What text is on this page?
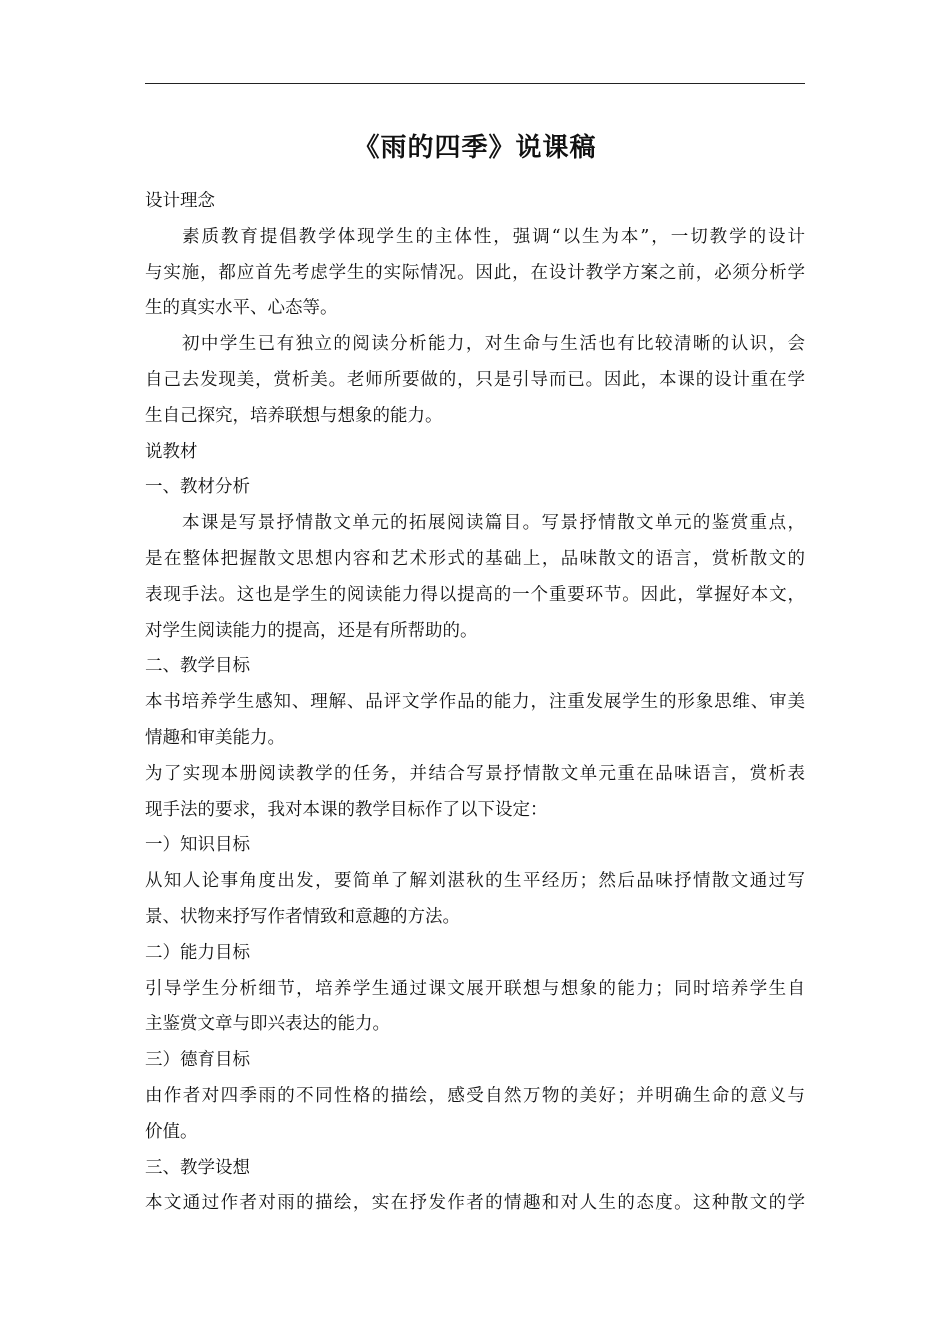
《雨的四季》说课稿

设计理念

素质教育提倡教学体现学生的主体性，强调“以生为本”，一切教学的设计

与实施，都应首先考虑学生的实际情况。因此，在设计教学方案之前，必须分析学

生的真实水平、心态等。

初中学生已有独立的阅读分析能力，对生命与生活也有比较清晰的认识，会

自己去发现美，赏析美。老师所要做的，只是引导而已。因此，本课的设计重在学

生自己探究，培养联想与想象的能力。

说教材

一、教材分析

本课是写景抒情散文单元的拓展阅读篇目。写景抒情散文单元的鉴赏重点，

是在整体把握散文思想内容和艺术形式的基础上，品味散文的语言，赏析散文的

表现手法。这也是学生的阅读能力得以提高的一个重要环节。因此，掌握好本文，

对学生阅读能力的提高，还是有所帮助的。

二、教学目标

本书培养学生感知、理解、品评文学作品的能力，注重发展学生的形象思维、审美

情趣和审美能力。

为了实现本册阅读教学的任务，并结合写景抒情散文单元重在品味语言，赏析表

现手法的要求，我对本课的教学目标作了以下设定：

一）知识目标

从知人论事角度出发，要简单了解刘湛秋的生平经历；然后品味抒情散文通过写

景、状物来抒写作者情致和意趣的方法。

二）能力目标

引导学生分析细节，培养学生通过课文展开联想与想象的能力；同时培养学生自

主鉴赏文章与即兴表达的能力。

三）德育目标

由作者对四季雨的不同性格的描绘，感受自然万物的美好；并明确生命的意义与

价值。

三、教学设想

本文通过作者对雨的描绘，实在抒发作者的情趣和对人生的态度。这种散文的学
